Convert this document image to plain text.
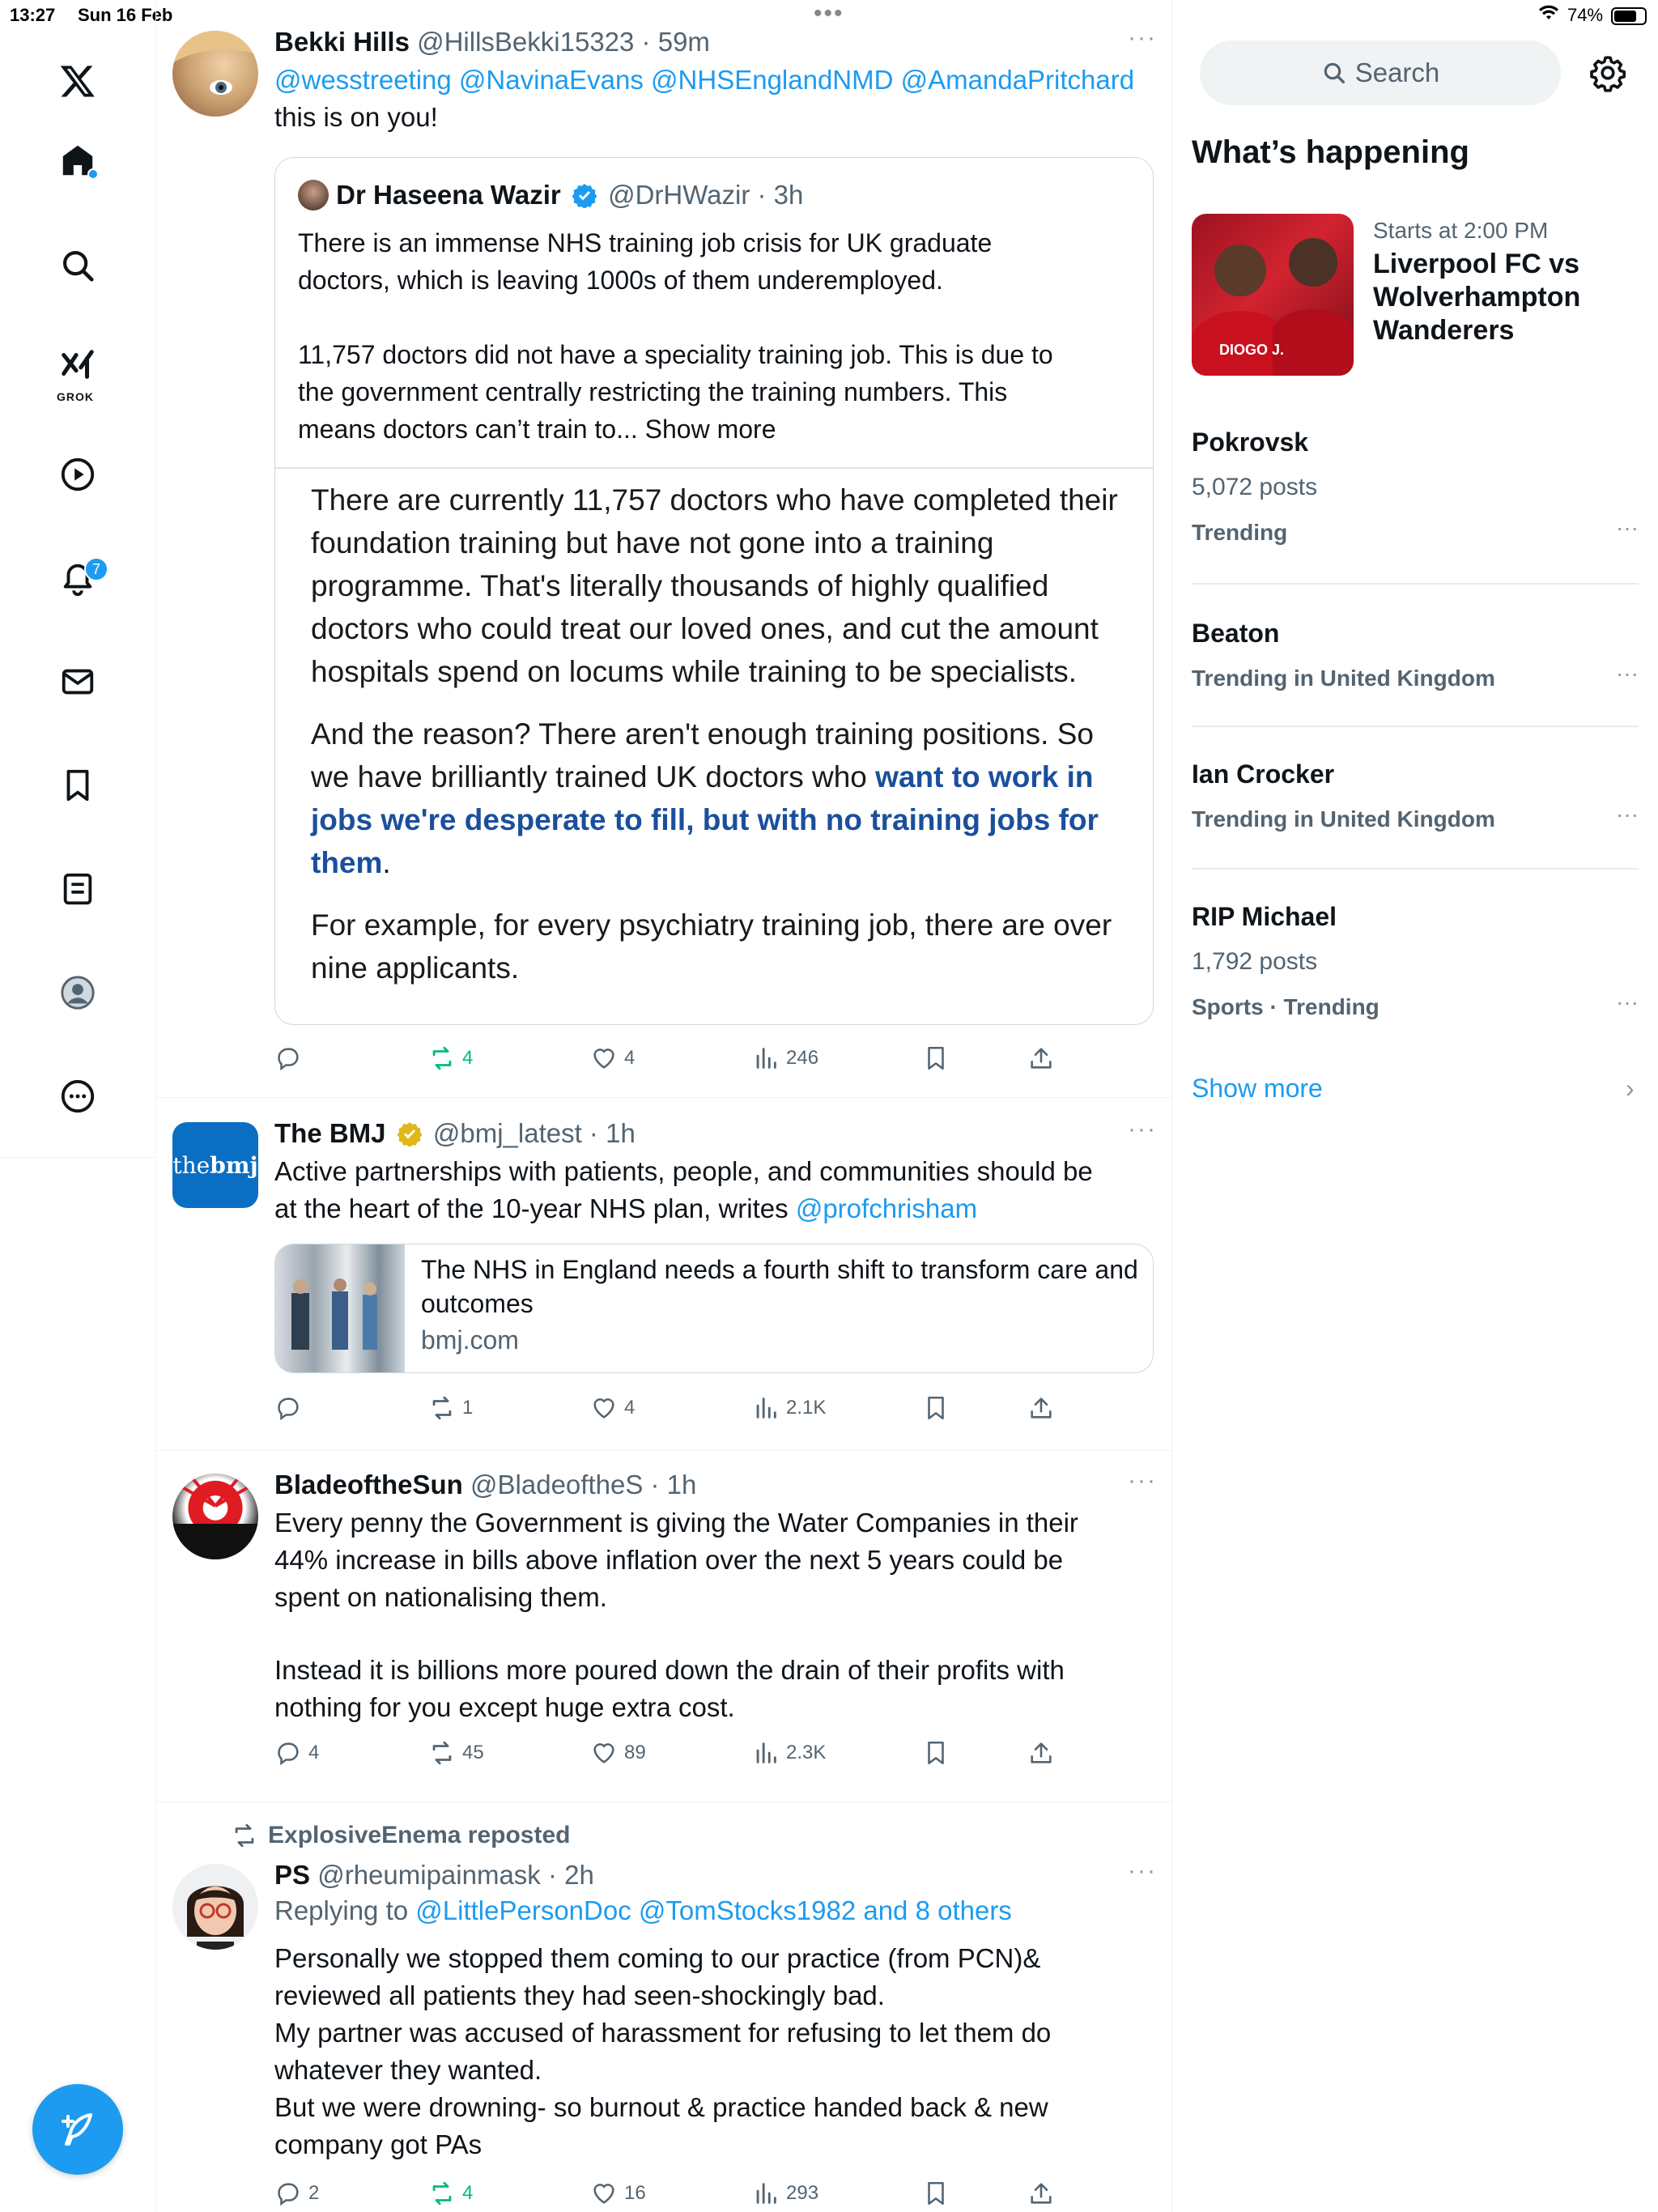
13:27 Sun 16 Feb	•••	74%
GROK
7
Bekki Hills @HillsBekki15323 · 59m
@wesstreeting @NavinaEvans @NHSEnglandNMD @AmandaPritchard
this is on you!
···
Dr Haseena Wazir @DrHWazir · 3h
There is an immense NHS training job crisis for UK graduate
doctors, which is leaving 1000s of them underemployed.
11,757 doctors did not have a speciality training job. This is due to
the government centrally restricting the training numbers. This
means doctors can’t train to... Show more

There are currently 11,757 doctors who have completed their foundation training but have not gone into a training programme. That's literally thousands of highly qualified doctors who could treat our loved ones, and cut the amount hospitals spend on locums while training to be specialists.

And the reason? There aren't enough training positions. So we have brilliantly trained UK doctors who want to work in jobs we're desperate to fill, but with no training jobs for them.

For example, for every psychiatry training job, there are over nine applicants.

4	4	246
the bmj
The BMJ @bmj_latest · 1h
Active partnerships with patients, people, and communities should be
at the heart of the 10-year NHS plan, writes @profchrisham
···
The NHS in England needs a fourth shift to transform care and outcomes
bmj.com
1	4	2.1K
BladeoftheSun @BladeoftheS · 1h
Every penny the Government is giving the Water Companies in their
44% increase in bills above inflation over the next 5 years could be
spent on nationalising them.
Instead it is billions more poured down the drain of their profits with
nothing for you except huge extra cost.
···
4	45	89	2.3K
ExplosiveEnema reposted
PS @rheumipainmask · 2h
Replying to @LittlePersonDoc @TomStocks1982 and 8 others
Personally we stopped them coming to our practice (from PCN)&
reviewed all patients they had seen-shockingly bad.
My partner was accused of harassment for refusing to let them do
whatever they wanted.
But we were drowning- so burnout & practice handed back & new
company got PAs
···
2	4	16	293
Search
What’s happening
DIOGO J.
Starts at 2:00 PM
Liverpool FC vs
Wolverhampton
Wanderers
Pokrovsk
5,072 posts
Trending	···
Beaton
Trending in United Kingdom	···
Ian Crocker
Trending in United Kingdom	···
RIP Michael
1,792 posts
Sports · Trending	···
Show more	›
